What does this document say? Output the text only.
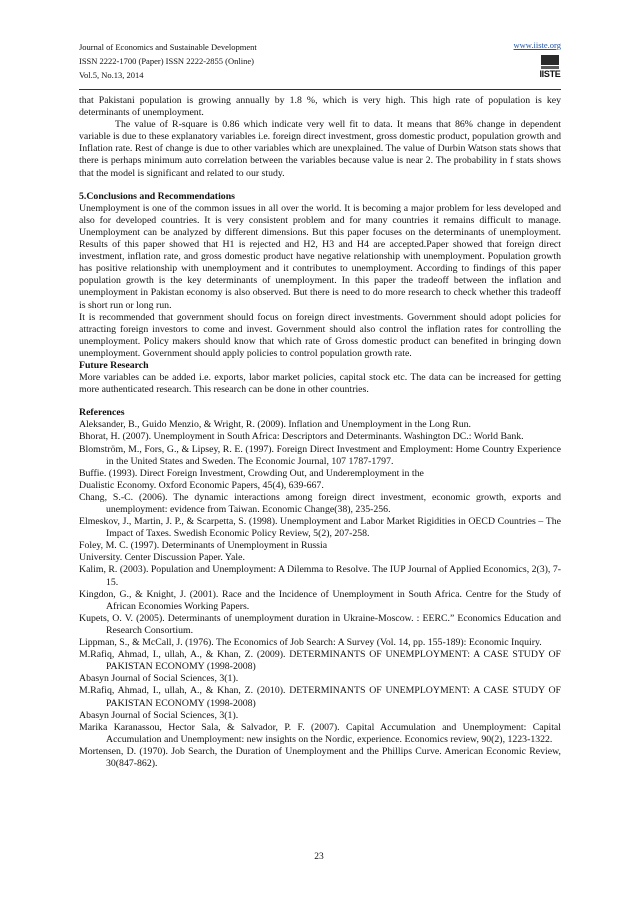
Journal of Economics and Sustainable Development
ISSN 2222-1700 (Paper) ISSN 2222-2855 (Online)
Vol.5, No.13, 2014
www.iiste.org
IISTE

that Pakistani population is growing annually by 1.8 %, which is very high. This high rate of population is key determinants of unemployment.

The value of R-square is 0.86 which indicate very well fit to data. It means that 86% change in dependent variable is due to these explanatory variables i.e. foreign direct investment, gross domestic product, population growth and Inflation rate. Rest of change is due to other variables which are unexplained. The value of Durbin Watson stats shows that there is perhaps minimum auto correlation between the variables because value is near 2. The probability in f stats shows that the model is significant and related to our study.

5.Conclusions and Recommendations

Unemployment is one of the common issues in all over the world. It is becoming a major problem for less developed and also for developed countries. It is very consistent problem and for many countries it remains difficult to manage. Unemployment can be analyzed by different dimensions. But this paper focuses on the determinants of unemployment. Results of this paper showed that H1 is rejected and H2, H3 and H4 are accepted.Paper showed that foreign direct investment, inflation rate, and gross domestic product have negative relationship with unemployment. Population growth has positive relationship with unemployment and it contributes to unemployment. According to findings of this paper population growth is the key determinants of unemployment. In this paper the tradeoff between the inflation and unemployment in Pakistan economy is also observed. But there is need to do more research to check whether this tradeoff is short run or long run.

It is recommended that government should focus on foreign direct investments. Government should adopt policies for attracting foreign investors to come and invest. Government should also control the inflation rates for controlling the unemployment. Policy makers should know that which rate of Gross domestic product can benefited in bringing down unemployment. Government should apply policies to control population growth rate.

Future Research

More variables can be added i.e. exports, labor market policies, capital stock etc. The data can be increased for getting more authenticated research. This research can be done in other countries.

References

Aleksander, B., Guido Menzio, & Wright, R. (2009). Inflation and Unemployment in the Long Run.

Bhorat, H. (2007). Unemployment in South Africa: Descriptors and Determinants. Washington DC.: World Bank.

Blomström, M., Fors, G., & Lipsey, R. E. (1997). Foreign Direct Investment and Employment: Home Country Experience in the United States and Sweden. The Economic Journal, 107 1787-1797.

Buffie. (1993). Direct Foreign Investment, Crowding Out, and Underemployment in the

Dualistic Economy. Oxford Economic Papers, 45(4), 639-667.

Chang, S.-C. (2006). The dynamic interactions among foreign direct investment, economic growth, exports and unemployment: evidence from Taiwan. Economic Change(38), 235-256.

Elmeskov, J., Martin, J. P., & Scarpetta, S. (1998). Unemployment and Labor Market Rigidities in OECD Countries – The Impact of Taxes. Swedish Economic Policy Review, 5(2), 207-258.

Foley, M. C. (1997). Determinants of Unemployment in Russia

University. Center Discussion Paper. Yale.

Kalim, R. (2003). Population and Unemployment: A Dilemma to Resolve. The IUP Journal of Applied Economics, 2(3), 7-15.

Kingdon, G., & Knight, J. (2001). Race and the Incidence of Unemployment in South Africa. Centre for the Study of African Economies Working Papers.

Kupets, O. V. (2005). Determinants of unemployment duration in Ukraine-Moscow. : EERC.” Economics Education and Research Consortium.

Lippman, S., & McCall, J. (1976). The Economics of Job Search: A Survey (Vol. 14, pp. 155-189): Economic Inquiry.

M.Rafiq, Ahmad, I., ullah, A., & Khan, Z. (2009). DETERMINANTS OF UNEMPLOYMENT: A CASE STUDY OF PAKISTAN ECONOMY (1998-2008)

Abasyn Journal of Social Sciences, 3(1).

M.Rafiq, Ahmad, I., ullah, A., & Khan, Z. (2010). DETERMINANTS OF UNEMPLOYMENT: A CASE STUDY OF PAKISTAN ECONOMY (1998-2008)

Abasyn Journal of Social Sciences, 3(1).

Marika Karanassou, Hector Sala, & Salvador, P. F. (2007). Capital Accumulation and Unemployment: Capital Accumulation and Unemployment: new insights on the Nordic, experience. Economics review, 90(2), 1223-1322.

Mortensen, D. (1970). Job Search, the Duration of Unemployment and the Phillips Curve. American Economic Review, 30(847-862).

23
